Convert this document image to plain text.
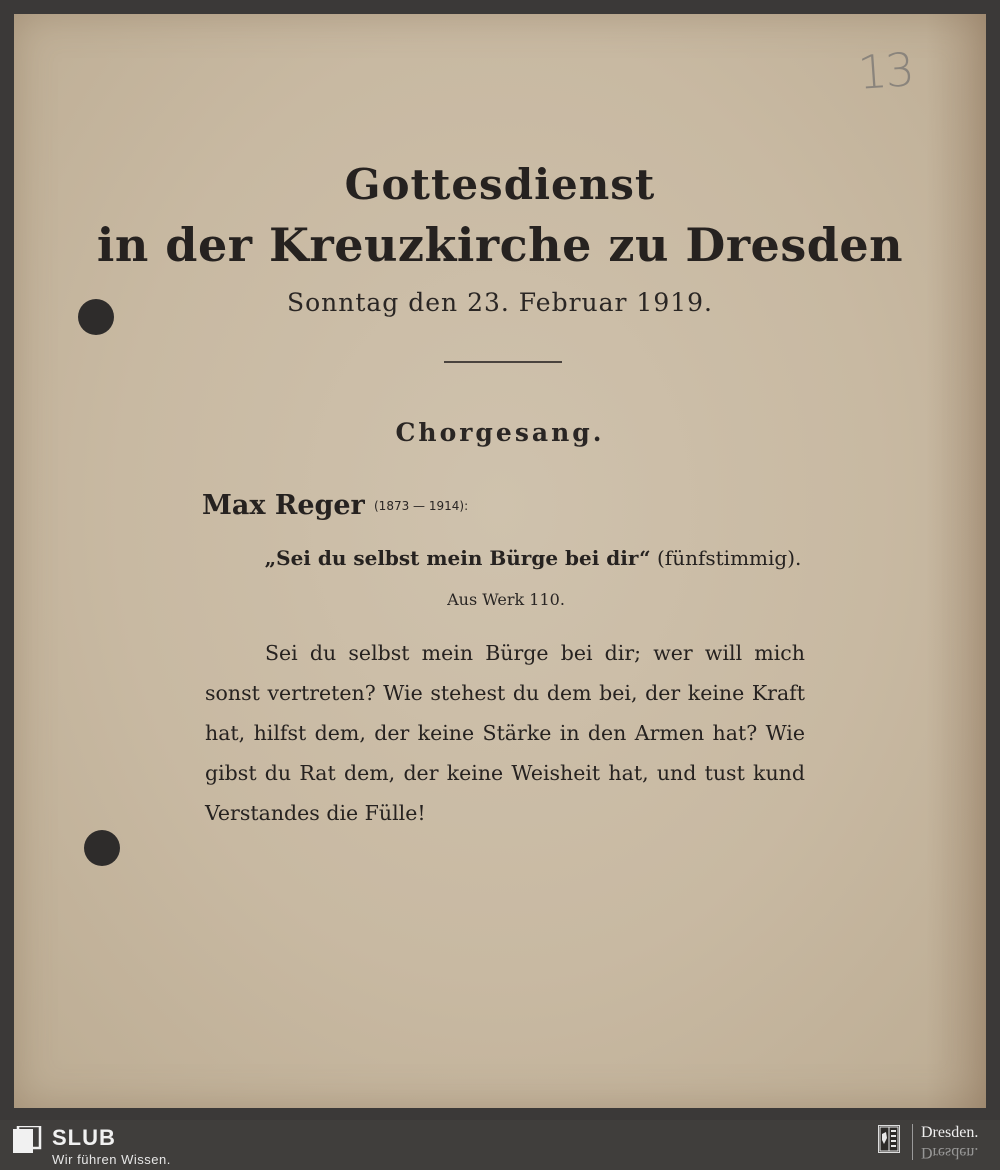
13
Gottesdienst
in der Kreuzkirche zu Dresden
Sonntag den 23. Februar 1919.
Chorgesang.
Max Reger (1873 — 1914):
„Sei du selbst mein Bürge bei dir“ (fünfstimmig).
Aus Werk 110.
Sei du selbst mein Bürge bei dir; wer will mich sonst vertreten? Wie stehest du dem bei, der keine Kraft hat, hilfst dem, der keine Stärke in den Armen hat? Wie gibst du Rat dem, der keine Weisheit hat, und tust kund Verstandes die Fülle!
SLUB
Wir führen Wissen.
Dresden.
Dresden.
